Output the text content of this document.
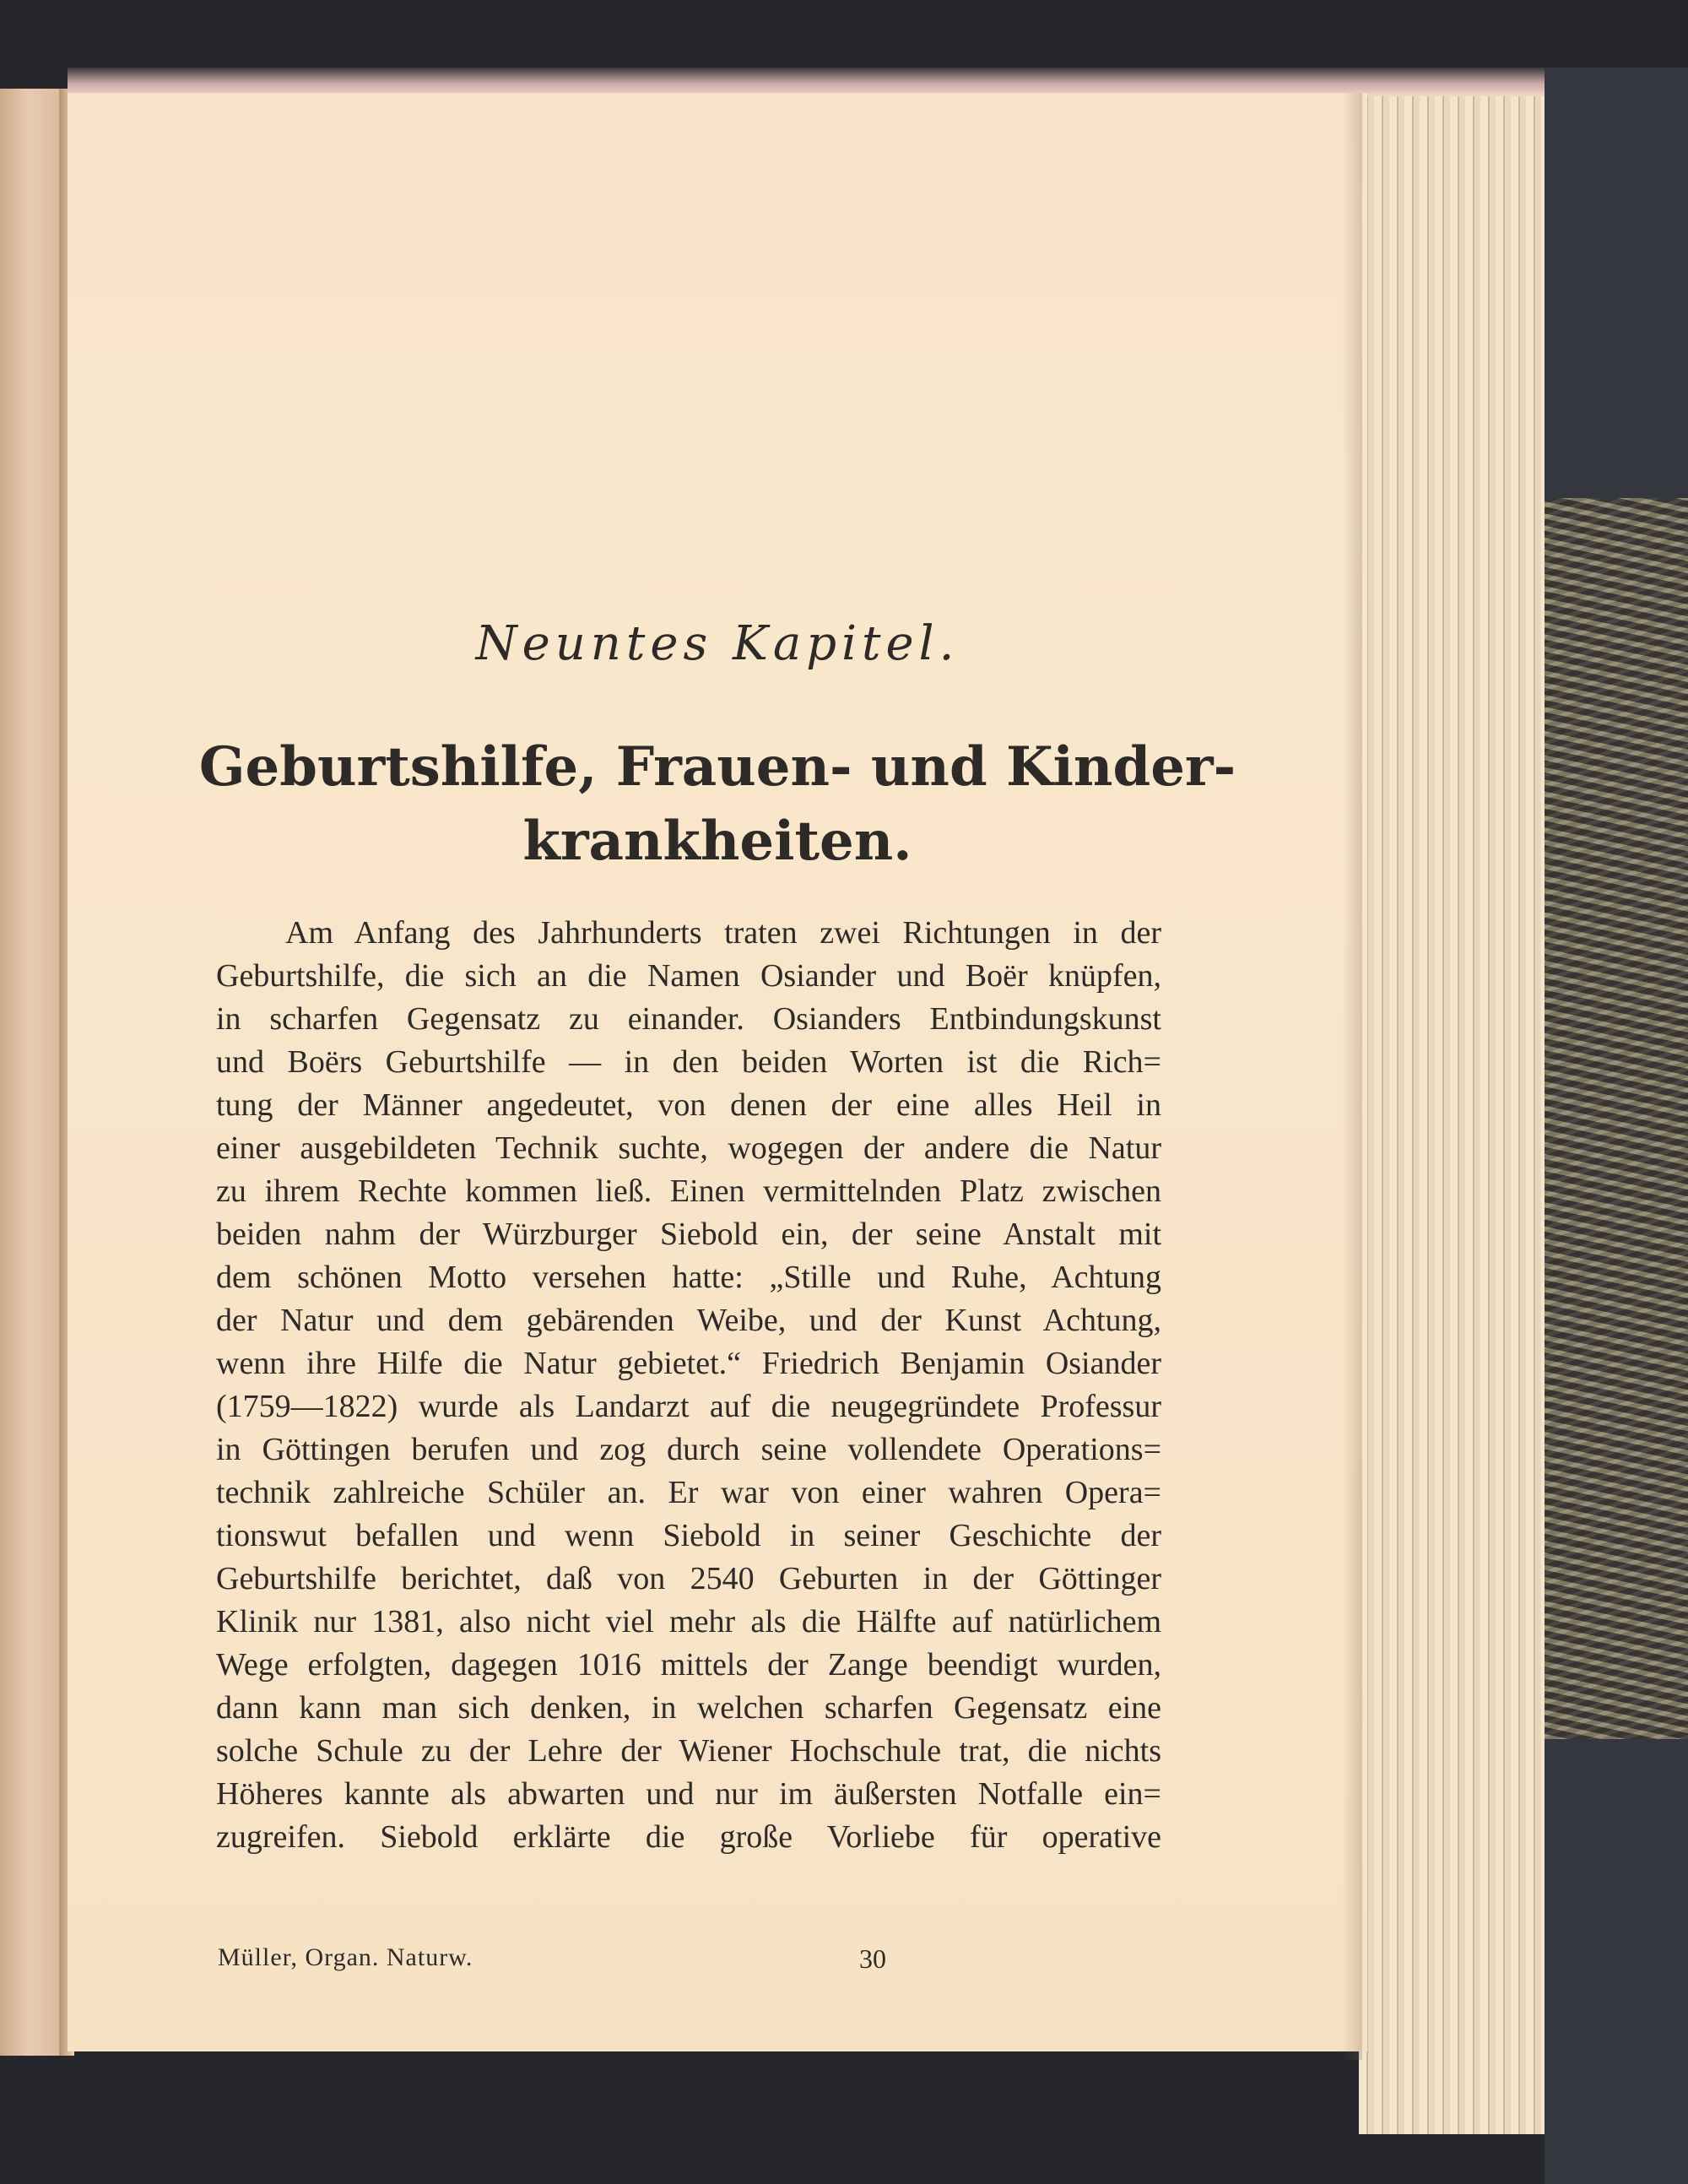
Neuntes Kapitel.
Geburtshilfe, Frauen- und Kinder-
krankheiten.
Am Anfang des Jahrhunderts traten zwei Richtungen in der
Geburtshilfe, die sich an die Namen Osiander und Boër knüpfen,
in scharfen Gegensatz zu einander. Osianders Entbindungskunst
und Boërs Geburtshilfe — in den beiden Worten ist die Rich=
tung der Männer angedeutet, von denen der eine alles Heil in
einer ausgebildeten Technik suchte, wogegen der andere die Natur
zu ihrem Rechte kommen ließ. Einen vermittelnden Platz zwischen
beiden nahm der Würzburger Siebold ein, der seine Anstalt mit
dem schönen Motto versehen hatte: „Stille und Ruhe, Achtung
der Natur und dem gebärenden Weibe, und der Kunst Achtung,
wenn ihre Hilfe die Natur gebietet.“ Friedrich Benjamin Osiander
(1759—1822) wurde als Landarzt auf die neugegründete Professur
in Göttingen berufen und zog durch seine vollendete Operations=
technik zahlreiche Schüler an. Er war von einer wahren Opera=
tionswut befallen und wenn Siebold in seiner Geschichte der
Geburtshilfe berichtet, daß von 2540 Geburten in der Göttinger
Klinik nur 1381, also nicht viel mehr als die Hälfte auf natürlichem
Wege erfolgten, dagegen 1016 mittels der Zange beendigt wurden,
dann kann man sich denken, in welchen scharfen Gegensatz eine
solche Schule zu der Lehre der Wiener Hochschule trat, die nichts
Höheres kannte als abwarten und nur im äußersten Notfalle ein=
zugreifen. Siebold erklärte die große Vorliebe für operative
Müller, Organ. Naturw.	30
